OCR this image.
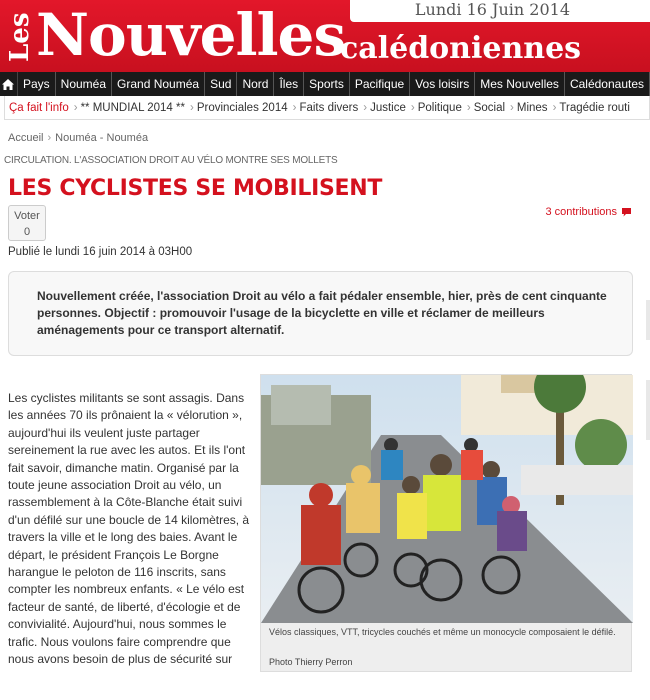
Lundi 16 Juin 2014
Les Nouvelles
calédoniennes
Pays Nouméa Grand Nouméa Sud Nord Îles Sports Pacifique Vos loisirs Mes Nouvelles Calédonautes
Ça fait l'info › ** MUNDIAL 2014 ** › Provinciales 2014 › Faits divers › Justice › Politique › Social › Mines › Tragédie routi
Accueil › Nouméa - Nouméa
CIRCULATION. L'ASSOCIATION DROIT AU VÉLO MONTRE SES MOLLETS
LES CYCLISTES SE MOBILISENT
Voter
0
3 contributions
Publié le lundi 16 juin 2014 à 03H00
Nouvellement créée, l'association Droit au vélo a fait pédaler ensemble, hier, près de cent cinquante personnes. Objectif : promouvoir l'usage de la bicyclette en ville et réclamer de meilleurs aménagements pour ce transport alternatif.
Les cyclistes militants se sont assagis. Dans les années 70 ils prônaient la « vélorution », aujourd'hui ils veulent juste partager sereinement la rue avec les autos. Et ils l'ont fait savoir, dimanche matin. Organisé par la toute jeune association Droit au vélo, un rassemblement à la Côte-Blanche était suivi d'un défilé sur une boucle de 14 kilomètres, à travers la ville et le long des baies. Avant le départ, le président François Le Borgne harangue le peloton de 116 inscrits, sans compter les nombreux enfants. « Le vélo est facteur de santé, de liberté, d'écologie et de convivialité. Aujourd'hui, nous sommes le trafic. Nous voulons faire comprendre que nous avons besoin de plus de sécurité sur
Vélos classiques, VTT, tricycles couchés et même un monocycle composaient le défilé.
Photo Thierry Perron
